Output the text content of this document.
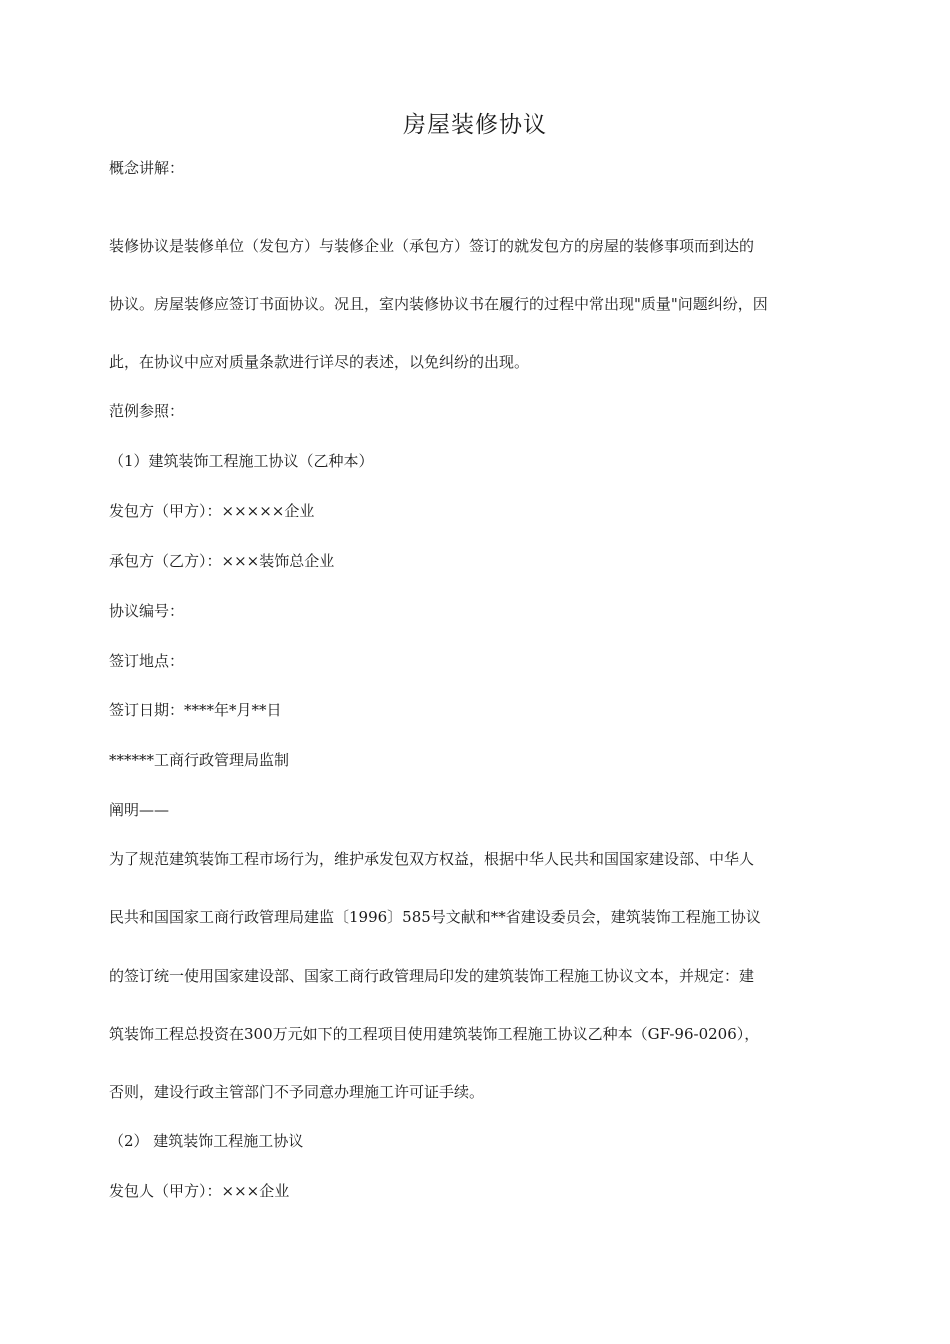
房屋装修协议

概念讲解：

装修协议是装修单位（发包方）与装修企业（承包方）签订的就发包方的房屋的装修事项而到达的

协议。房屋装修应签订书面协议。况且，室内装修协议书在履行的过程中常出现"质量"问题纠纷，因

此，在协议中应对质量条款进行详尽的表述，以免纠纷的出现。

范例参照：

（1）建筑装饰工程施工协议（乙种本）

发包方（甲方）：×××××企业

承包方（乙方）：×××装饰总企业

协议编号：

签订地点：

签订日期：****年*月**日

******工商行政管理局监制

阐明——

为了规范建筑装饰工程市场行为，维护承发包双方权益，根据中华人民共和国国家建设部、中华人

民共和国国家工商行政管理局建监〔1996〕585号文献和**省建设委员会，建筑装饰工程施工协议

的签订统一使用国家建设部、国家工商行政管理局印发的建筑装饰工程施工协议文本，并规定：建

筑装饰工程总投资在300万元如下的工程项目使用建筑装饰工程施工协议乙种本（GF-96-0206），

否则，建设行政主管部门不予同意办理施工许可证手续。

（2） 建筑装饰工程施工协议

发包人（甲方）：×××企业
